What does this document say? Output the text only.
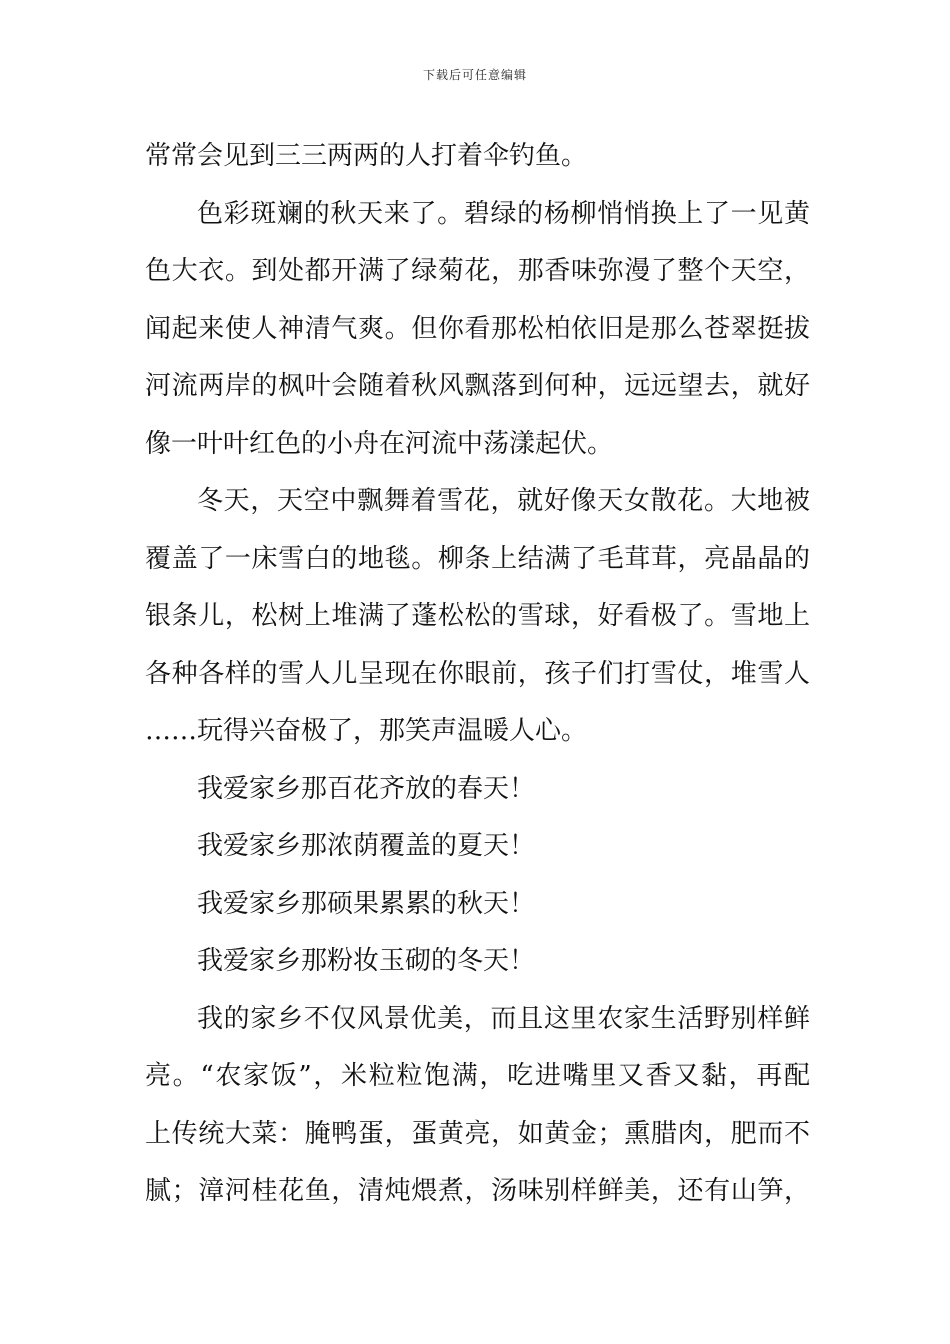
下载后可任意编辑
常常会见到三三两两的人打着伞钓鱼。
色彩斑斓的秋天来了。碧绿的杨柳悄悄换上了一见黄
色大衣。到处都开满了绿菊花，那香味弥漫了整个天空，
闻起来使人神清气爽。但你看那松柏依旧是那么苍翠挺拔
河流两岸的枫叶会随着秋风飘落到何种，远远望去，就好
像一叶叶红色的小舟在河流中荡漾起伏。
冬天，天空中飘舞着雪花，就好像天女散花。大地被
覆盖了一床雪白的地毯。柳条上结满了毛茸茸，亮晶晶的
银条儿，松树上堆满了蓬松松的雪球，好看极了。雪地上
各种各样的雪人儿呈现在你眼前，孩子们打雪仗，堆雪人
……玩得兴奋极了，那笑声温暖人心。
我爱家乡那百花齐放的春天！
我爱家乡那浓荫覆盖的夏天！
我爱家乡那硕果累累的秋天！
我爱家乡那粉妆玉砌的冬天！
我的家乡不仅风景优美，而且这里农家生活野别样鲜
亮。“农家饭”，米粒粒饱满，吃进嘴里又香又黏，再配
上传统大菜：腌鸭蛋，蛋黄亮，如黄金；熏腊肉，肥而不
腻；漳河桂花鱼，清炖煨煮，汤味别样鲜美，还有山笋，
